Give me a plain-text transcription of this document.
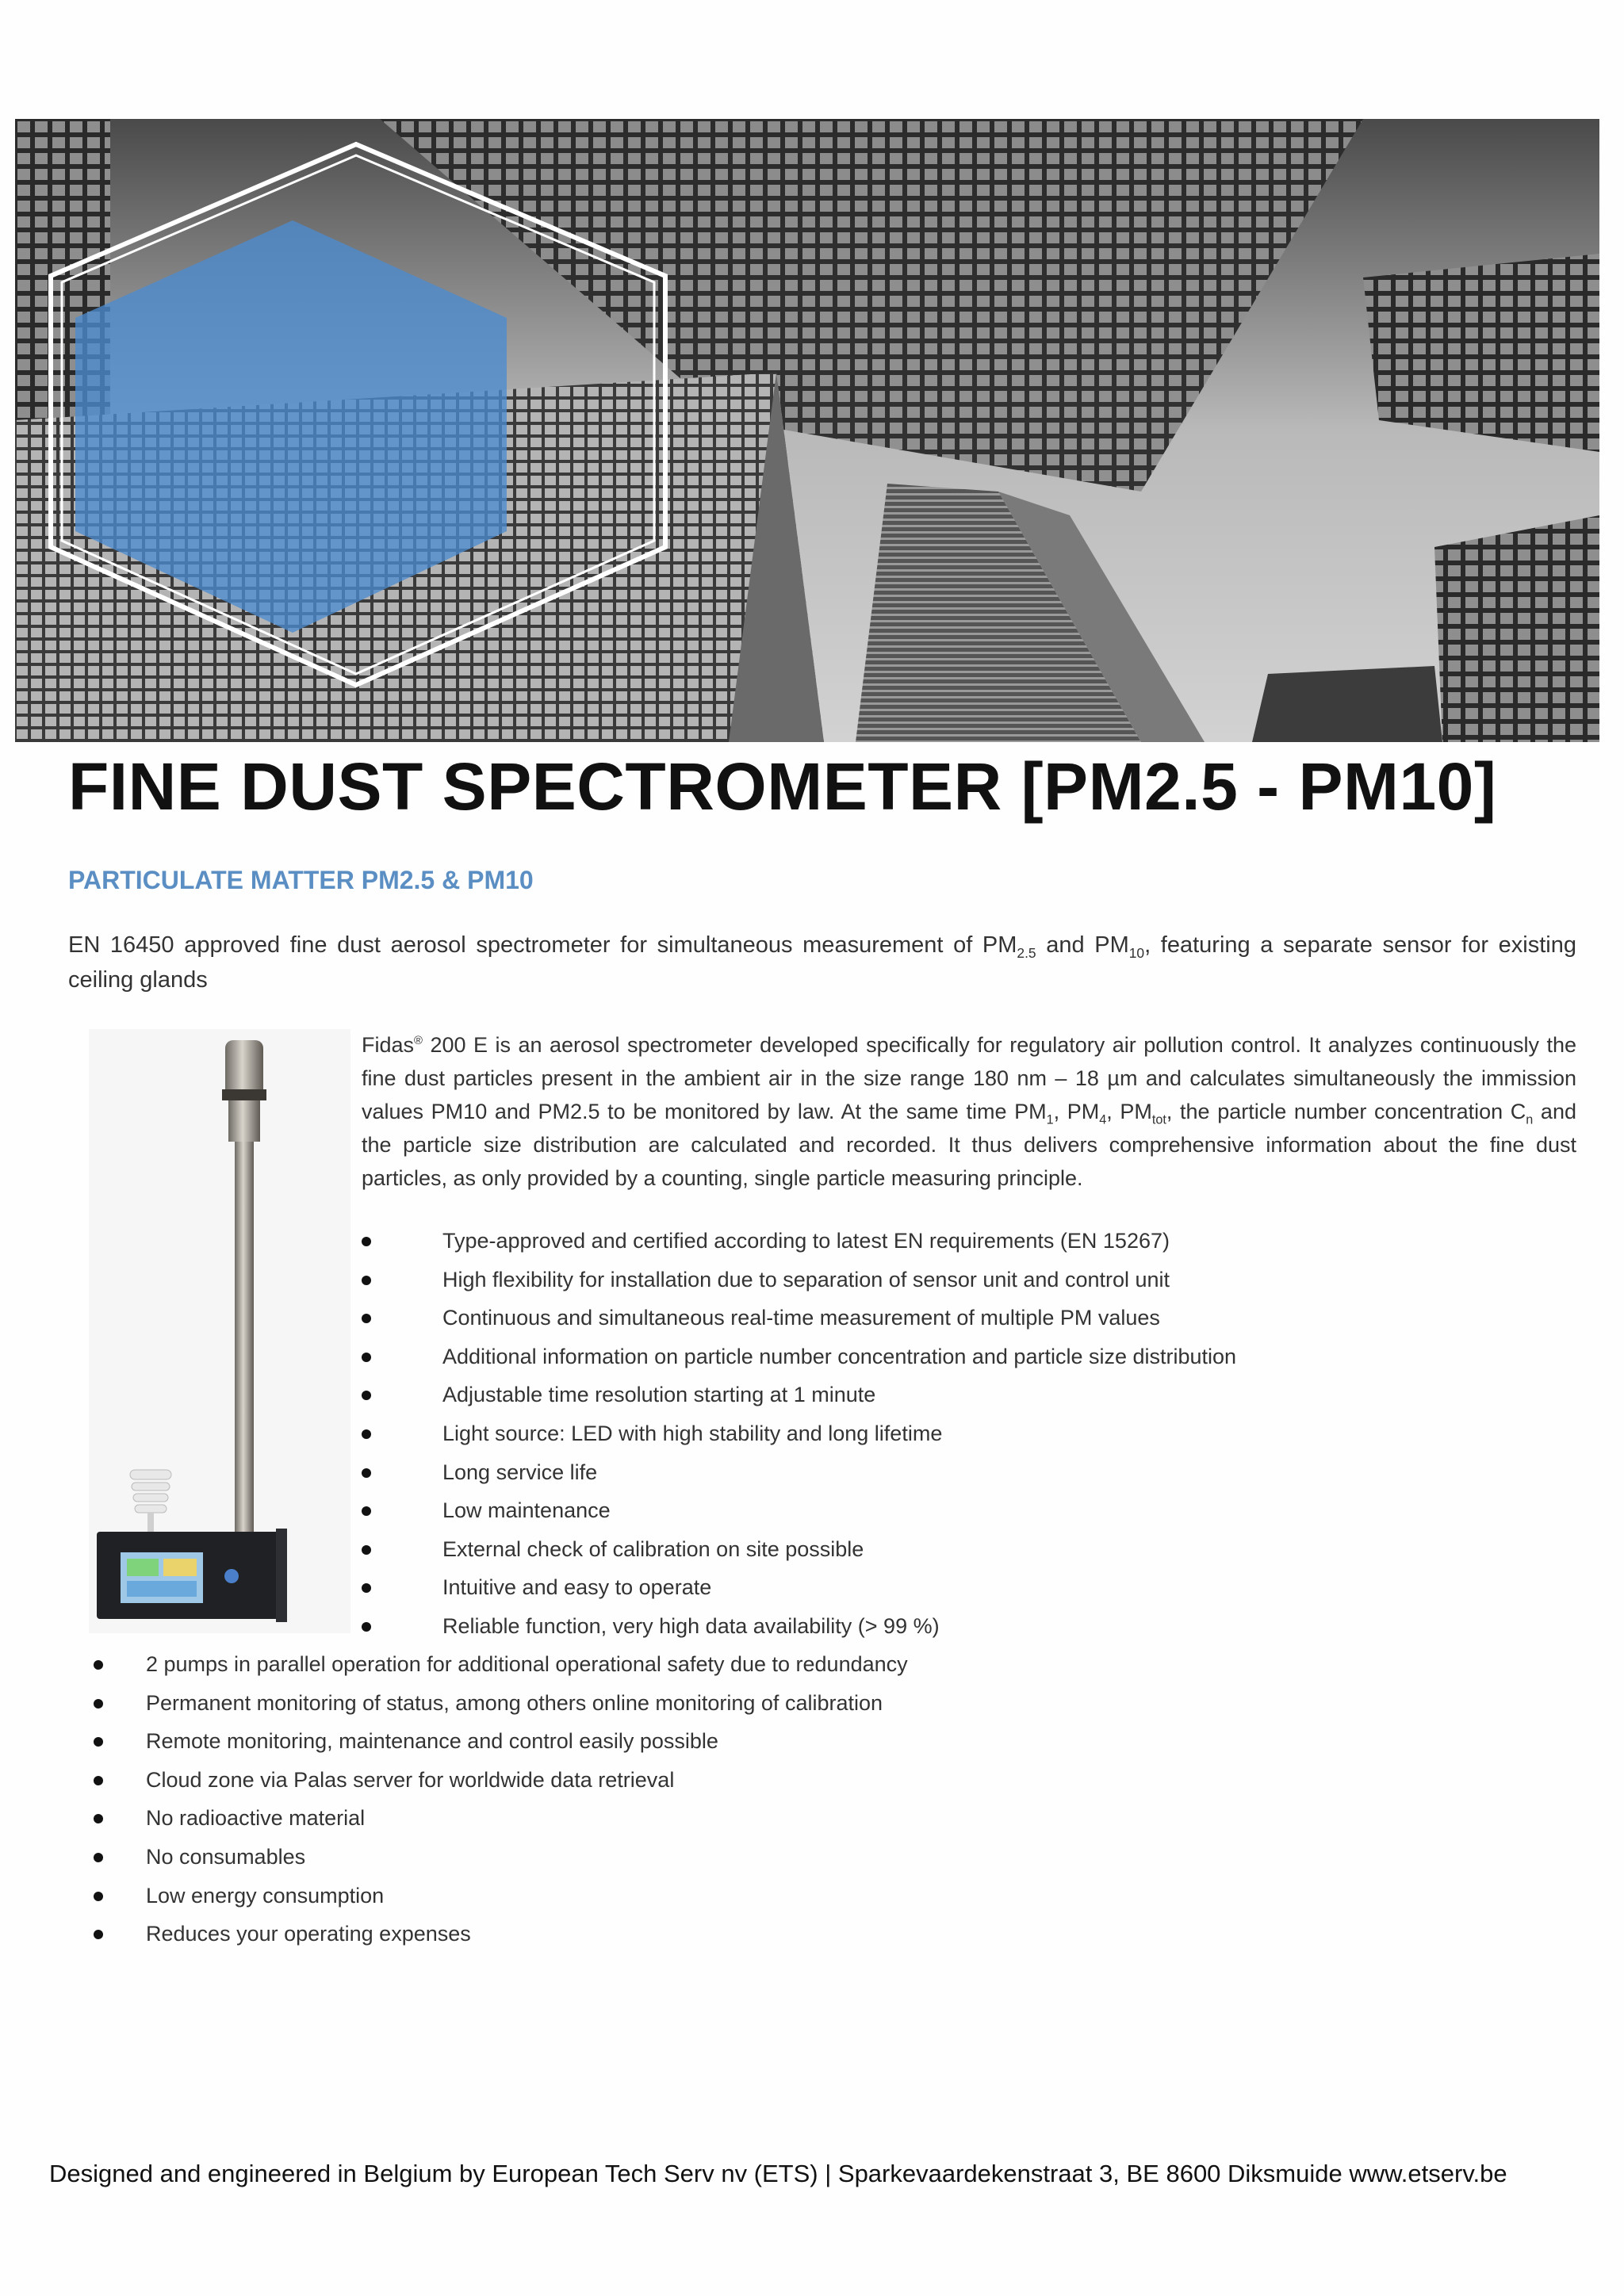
FINE DUST SPECTROMETER [PM2.5 - PM10]
PARTICULATE MATTER PM2.5 & PM10

EN 16450 approved fine dust aerosol spectrometer for simultaneous measurement of $PM_{2.5}$ and $PM_{10}$, featuring a separate sensor for existing ceiling glands

Fidas® 200 E is an aerosol spectrometer developed specifically for regulatory air pollution control. It analyzes continuously the fine dust particles present in the ambient air in the size range 180 nm – 18 µm and calculates simultaneously the immission values PM10 and PM2.5 to be monitored by law. At the same time $PM_1$, $PM_4$, $PM_{tot}$, the particle number concentration $C_n$ and the particle size distribution are calculated and recorded. It thus delivers comprehensive information about the fine dust particles, as only provided by a counting, single particle measuring principle.

Type-approved and certified according to latest EN requirements (EN 15267)
High flexibility for installation due to separation of sensor unit and control unit
Continuous and simultaneous real-time measurement of multiple PM values
Additional information on particle number concentration and particle size distribution
Adjustable time resolution starting at 1 minute
Light source: LED with high stability and long lifetime
Long service life
Low maintenance
External check of calibration on site possible
Intuitive and easy to operate
Reliable function, very high data availability (> 99 %)
2 pumps in parallel operation for additional operational safety due to redundancy
Permanent monitoring of status, among others online monitoring of calibration
Remote monitoring, maintenance and control easily possible
Cloud zone via Palas server for worldwide data retrieval
No radioactive material
No consumables
Low energy consumption
Reduces your operating expenses

Designed and engineered in Belgium by European Tech Serv nv (ETS) | Sparkevaardekenstraat 3, BE 8600 Diksmuide www.etserv.be
